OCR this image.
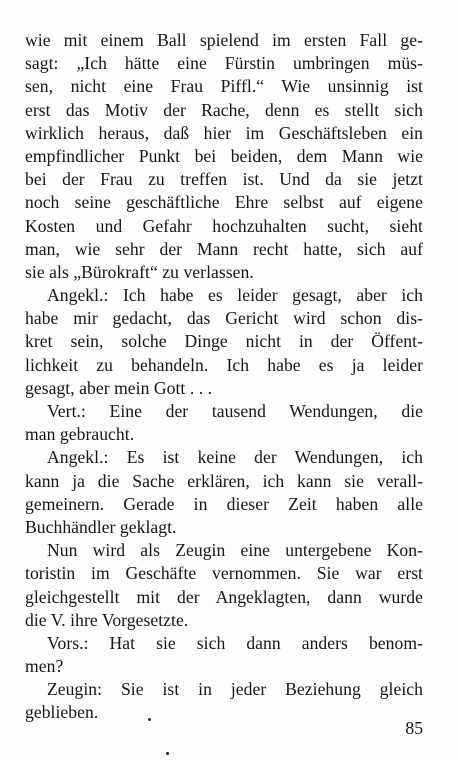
wie mit einem Ball spielend im ersten Fall ge-
sagt: „Ich hätte eine Fürstin umbringen müs-
sen, nicht eine Frau Piffl.“ Wie unsinnig ist
erst das Motiv der Rache, denn es stellt sich
wirklich heraus, daß hier im Geschäftsleben ein
empfindlicher Punkt bei beiden, dem Mann wie
bei der Frau zu treffen ist. Und da sie jetzt
noch seine geschäftliche Ehre selbst auf eigene
Kosten und Gefahr hochzuhalten sucht, sieht
man, wie sehr der Mann recht hatte, sich auf
sie als „Bürokraft“ zu verlassen.
Angekl.: Ich habe es leider gesagt, aber ich
habe mir gedacht, das Gericht wird schon dis-
kret sein, solche Dinge nicht in der Öffent-
lichkeit zu behandeln. Ich habe es ja leider
gesagt, aber mein Gott . . .
Vert.: Eine der tausend Wendungen, die
man gebraucht.
Angekl.: Es ist keine der Wendungen, ich
kann ja die Sache erklären, ich kann sie verall-
gemeinern. Gerade in dieser Zeit haben alle
Buchhändler geklagt.
Nun wird als Zeugin eine untergebene Kon-
toristin im Geschäfte vernommen. Sie war erst
gleichgestellt mit der Angeklagten, dann wurde
die V. ihre Vorgesetzte.
Vors.: Hat sie sich dann anders benom-
men?
Zeugin: Sie ist in jeder Beziehung gleich
geblieben.
85
